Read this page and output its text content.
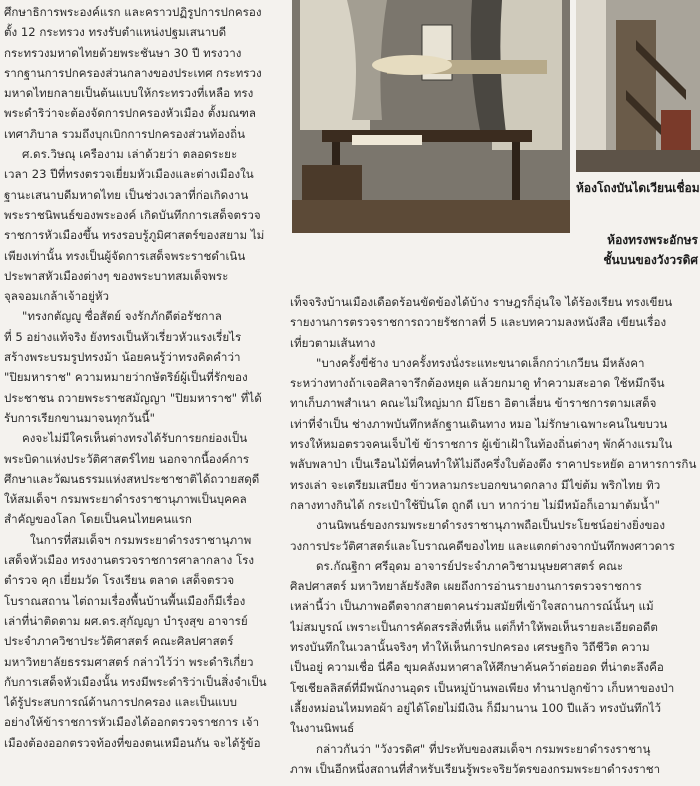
ห้องโถงบันไดเวียนเชื่อม
ห้องทรงพระอักษร
ชั้นบนของวังวรดิศ

ศึกษาธิการพระองค์แรก และคราวปฏิรูปการปกครอง

ตั้ง 12 กระทรวง ทรงรับตำแหน่งปฐมเสนาบดี

กระทรวงมหาดไทยด้วยพระชันษา 30 ปี ทรงวาง

รากฐานการปกครองส่วนกลางของประเทศ กระทรวง

มหาดไทยกลายเป็นต้นแบบให้กระทรวงที่เหลือ ทรง

พระดำริว่าจะต้องจัดการปกครองหัวเมือง ตั้งมณฑล

เทศาภิบาล รวมถึงบุกเบิกการปกครองส่วนท้องถิ่น

ศ.ดร.วิษณุ เครืองาม เล่าด้วยว่า ตลอดระยะ

เวลา 23 ปีที่ทรงตรวจเยี่ยมหัวเมืองและต่างเมืองใน

ฐานะเสนาบดีมหาดไทย เป็นช่วงเวลาที่ก่อเกิดงาน

พระราชนิพนธ์ของพระองค์ เกิดบันทึกการเสด็จตรวจ

ราชการหัวเมืองขึ้น ทรงรอบรู้ภูมิศาสตร์ของสยาม ไม่

เพียงเท่านั้น ทรงเป็นผู้จัดการเสด็จพระราชดำเนิน

ประพาสหัวเมืองต่างๆ ของพระบาทสมเด็จพระ

จุลจอมเกล้าเจ้าอยู่หัว

"ทรงกตัญญู ซื่อสัตย์ จงรักภักดีต่อรัชกาล

ที่ 5 อย่างแท้จริง ยังทรงเป็นหัวเรี่ยวหัวแรงเรี่ยไร

สร้างพระบรมรูปทรงม้า น้อยคนรู้ว่าทรงคิดคำว่า

"ปิยมหาราช" ความหมายว่ากษัตริย์ผู้เป็นที่รักของ

ประชาชน ถวายพระราชสมัญญา "ปิยมหาราช" ที่ได้

รับการเรียกขานมาจนทุกวันนี้"

คงจะไม่มีใครเห็นต่างทรงได้รับการยกย่องเป็น

พระบิดาแห่งประวัติศาสตร์ไทย นอกจากนี้องค์การ

ศึกษาและวัฒนธรรมแห่งสหประชาชาติได้ถวายสดุดี

ให้สมเด็จฯ กรมพระยาดำรงราชานุภาพเป็นบุคคล

สำคัญของโลก โดยเป็นคนไทยคนแรก

ในการที่สมเด็จฯ กรมพระยาดำรงราชานุภาพ

เสด็จหัวเมือง ทรงงานตรวจราชการศาลากลาง โรง

ตำรวจ คุก เยี่ยมวัด โรงเรียน ตลาด เสด็จตรวจ

โบราณสถาน ไต่ถามเรื่องพื้นบ้านพื้นเมืองก็มีเรื่อง

เล่าที่น่าติดตาม ผศ.ดร.สุกัญญา บำรุงสุข อาจารย์

ประจำภาควิชาประวัติศาสตร์ คณะศิลปศาสตร์

มหาวิทยาลัยธรรมศาสตร์ กล่าวไว้ว่า พระดำริเกี่ยว

กับการเสด็จหัวเมืองนั้น ทรงมีพระดำริว่าเป็นสิ่งจำเป็น

ได้รู้ประสบการณ์ด้านการปกครอง และเป็นแบบ

อย่างให้ข้าราชการหัวเมืองได้ออกตรวจราชการ เจ้า

เมืองต้องออกตรวจท้องที่ของตนเหมือนกัน จะได้รู้ข้อ

เท็จจริงบ้านเมืองเดือดร้อนขัดข้องได้บ้าง ราษฎรก็อุ่นใจ ได้ร้องเรียน ทรงเขียน

รายงานการตรวจราชการถวายรัชกาลที่ 5 และบทความลงหนังสือ เขียนเรื่อง

เที่ยวตามเส้นทาง

"บางครั้งขี่ช้าง บางครั้งทรงนั่งระแทะขนาดเล็กกว่าเกวียน มีหลังคา

ระหว่างทางถ้าเจอศิลาจารึกต้องหยุด แล้วยกมาดู ทำความสะอาด ใช้หมึกจีน

ทาเก็บภาพสำเนา คณะไม่ใหญ่มาก มีโยธา อิตาเลี่ยน ข้าราชการตามเสด็จ

เท่าที่จำเป็น ช่างภาพบันทึกหลักฐานเดินทาง หมอ ไม่รักษาเฉพาะคนในขบวน

ทรงให้หมอตรวจคนเจ็บไข้ ข้าราชการ ผู้เข้าเฝ้าในท้องถิ่นต่างๆ พักค้างแรมใน

พลับพลาป่า เป็นเรือนไม้ที่คนทำให้ไม่ถึงครึ่งใบต้องตึง ราคาประหยัด อาหารการกิน

ทรงเล่า จะเตรียมเสบียง ข้าวหลามกระบอกขนาดกลาง มีไข่ต้ม พริกไทย ทิว

กลางทางกินได้ กระเป๋าใช้ปิ่นโต ถูกดี เบา หากว่าย ไม่มีหม้อก็เอามาต้มน้ำ"

งานนิพนธ์ของกรมพระยาดำรงราชานุภาพถือเป็นประโยชน์อย่างยิ่งของ

วงการประวัติศาสตร์และโบราณคดีของไทย และแตกต่างจากบันทึกพงศาวดาร

ดร.กัณฐิกา ศรีอุดม อาจารย์ประจำภาควิชามนุษยศาสตร์ คณะ

ศิลปศาสตร์ มหาวิทยาลัยรังสิต เผยถึงการอ่านรายงานการตรวจราชการ

เหล่านี้ว่า เป็นภาพอดีตจากสายตาคนร่วมสมัยที่เข้าใจสถานการณ์นั้นๆ แม้

ไม่สมบูรณ์ เพราะเป็นการคัดสรรสิ่งที่เห็น แต่ก็ทำให้พอเห็นรายละเอียดอดีต

ทรงบันทึกในเวลานั้นจริงๆ ทำให้เห็นการปกครอง เศรษฐกิจ วิถีชีวิต ความ

เป็นอยู่ ความเชื่อ นี่คือ ขุมคลังมหาศาลให้ศึกษาค้นคว้าต่อยอด ที่น่าตะลึงคือ

โซเชียลลิสต์ที่มีพนักงานอุดร เป็นหมู่บ้านพอเพียง ทำนาปลูกข้าว เก็บหาของป่า

เลี้ยงหม่อนไหมทอผ้า อยู่ได้โดยไม่มีเงิน ก็มีมานาน 100 ปีแล้ว ทรงบันทึกไว้

ในงานนิพนธ์

กล่าวกันว่า "วังวรดิศ" ที่ประทับของสมเด็จฯ กรมพระยาดำรงราชานุ

ภาพ เป็นอีกหนึ่งสถานที่สำหรับเรียนรู้พระจริยวัตรของกรมพระยาดำรงราชา
